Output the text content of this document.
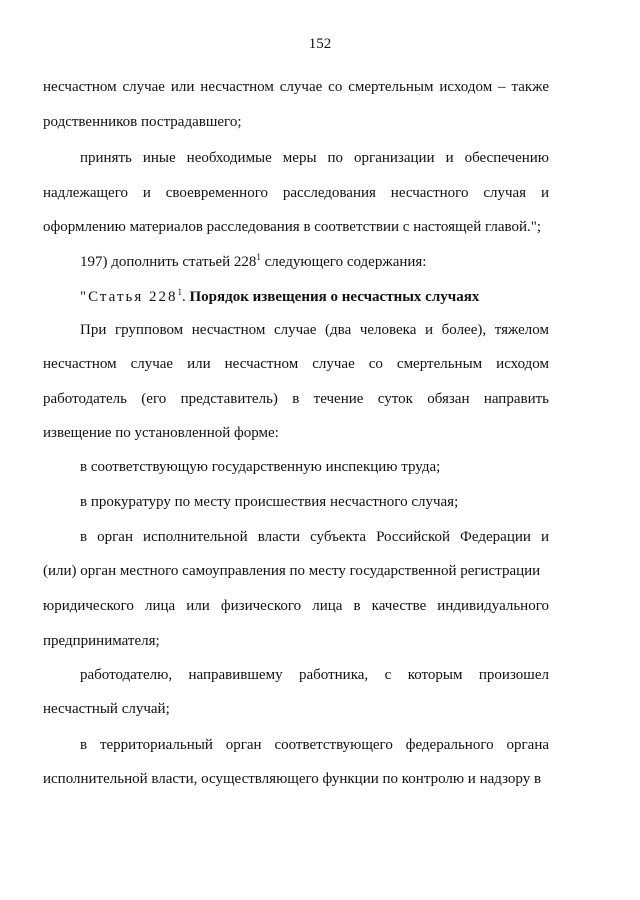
152
несчастном случае или несчастном случае со смертельным исходом – также
родственников пострадавшего;
принять иные необходимые меры по организации и обеспечению
надлежащего и своевременного расследования несчастного случая и
оформлению материалов расследования в соответствии с настоящей главой.";
197) дополнить статьей $228^1$ следующего содержания:
"Статья $228^1$. Порядок извещения о несчастных случаях
При групповом несчастном случае (два человека и более), тяжелом
несчастном случае или несчастном случае со смертельным исходом
работодатель (его представитель) в течение суток обязан направить
извещение по установленной форме:
в соответствующую государственную инспекцию труда;
в прокуратуру по месту происшествия несчастного случая;
в орган исполнительной власти субъекта Российской Федерации и
(или) орган местного самоуправления по месту государственной регистрации
юридического лица или физического лица в качестве индивидуального
предпринимателя;
работодателю, направившему работника, с которым произошел
несчастный случай;
в территориальный орган соответствующего федерального органа
исполнительной власти, осуществляющего функции по контролю и надзору в
